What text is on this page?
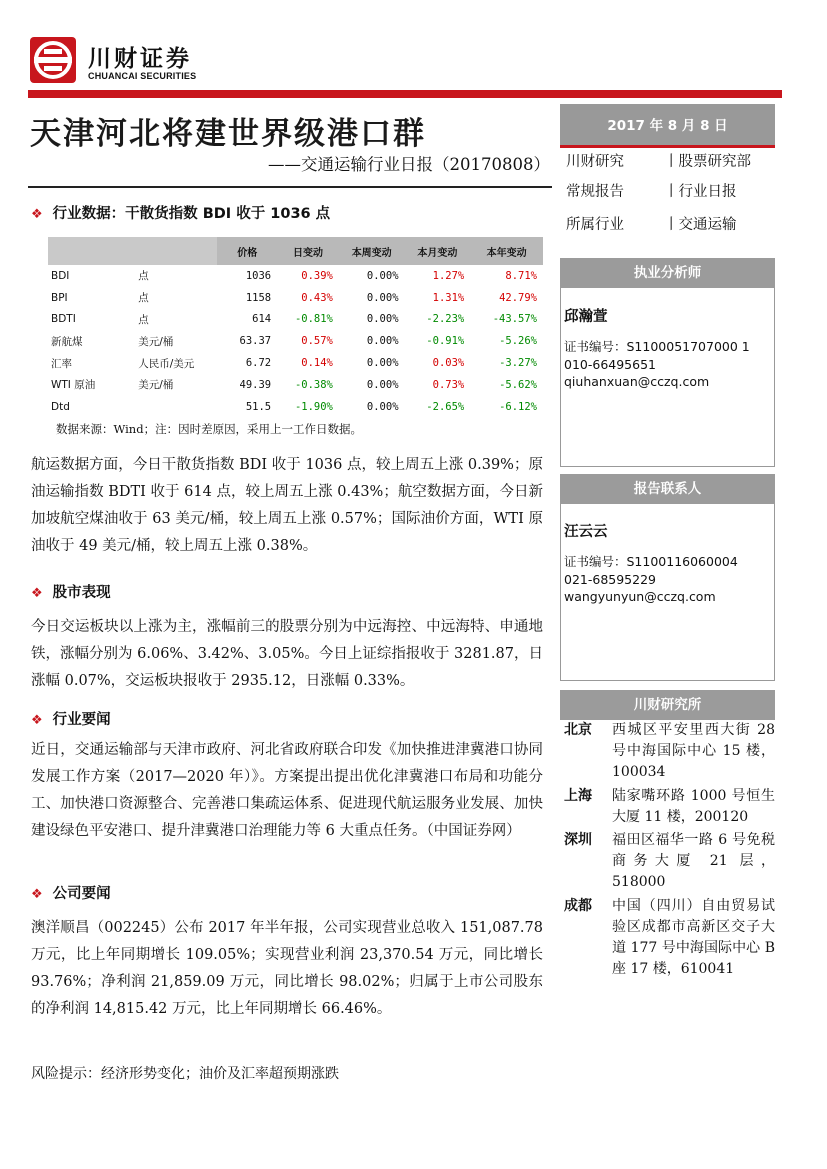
川财证券
CHUANCAI SECURITIES
天津河北将建世界级港口群
——交通运输行业日报（20170808）
❖ 行业数据：干散货指数 BDI 收于 1036 点
		价格	日变动	本周变动	本月变动	本年变动
BDI	点	1036	0.39%	0.00%	1.27%	8.71%
BPI	点	1158	0.43%	0.00%	1.31%	42.79%
BDTI	点	614	-0.81%	0.00%	-2.23%	-43.57%
新航煤	美元/桶	63.37	0.57%	0.00%	-0.91%	-5.26%
汇率	人民币/美元	6.72	0.14%	0.00%	0.03%	-3.27%
WTI 原油	美元/桶	49.39	-0.38%	0.00%	0.73%	-5.62%
Dtd		51.5	-1.90%	0.00%	-2.65%	-6.12%
数据来源：Wind；注：因时差原因，采用上一工作日数据。
航运数据方面，今日干散货指数 BDI 收于 1036 点，较上周五上涨 0.39%；原油运输指数 BDTI 收于 614 点，较上周五上涨 0.43%；航空数据方面，今日新加坡航空煤油收于 63 美元/桶，较上周五上涨 0.57%；国际油价方面，WTI 原油收于 49 美元/桶，较上周五上涨 0.38%。
❖ 股市表现
今日交运板块以上涨为主，涨幅前三的股票分别为中远海控、中远海特、申通地铁，涨幅分别为 6.06%、3.42%、3.05%。今日上证综指报收于 3281.87，日涨幅 0.07%，交运板块报收于 2935.12，日涨幅 0.33%。
❖ 行业要闻
近日，交通运输部与天津市政府、河北省政府联合印发《加快推进津冀港口协同发展工作方案（2017—2020 年）》。方案提出提出优化津冀港口布局和功能分工、加快港口资源整合、完善港口集疏运体系、促进现代航运服务业发展、加快建设绿色平安港口、提升津冀港口治理能力等 6 大重点任务。（中国证券网）
❖ 公司要闻
澳洋顺昌（002245）公布 2017 年半年报，公司实现营业总收入 151,087.78 万元，比上年同期增长 109.05%；实现营业利润 23,370.54 万元，同比增长 93.76%；净利润 21,859.09 万元，同比增长 98.02%；归属于上市公司股东的净利润 14,815.42 万元，比上年同期增长 66.46%。
风险提示：经济形势变化；油价及汇率超预期涨跌
2017 年 8 月 8 日
川财研究	丨股票研究部
常规报告	丨行业日报
所属行业	丨交通运输
执业分析师
邱瀚萱
证书编号：S1100051707000 1
010-66495651
qiuhanxuan@cczq.com
报告联系人
汪云云
证书编号：S1100116060004
021-68595229
wangyunyun@cczq.com
川财研究所
北京 西城区平安里西大街 28 号中海国际中心 15 楼，100034
上海 陆家嘴环路 1000 号恒生大厦 11 楼，200120
深圳 福田区福华一路 6 号免税商务大厦 21 层，518000
成都 中国（四川）自由贸易试验区成都市高新区交子大道 177 号中海国际中心 B 座 17 楼，610041
